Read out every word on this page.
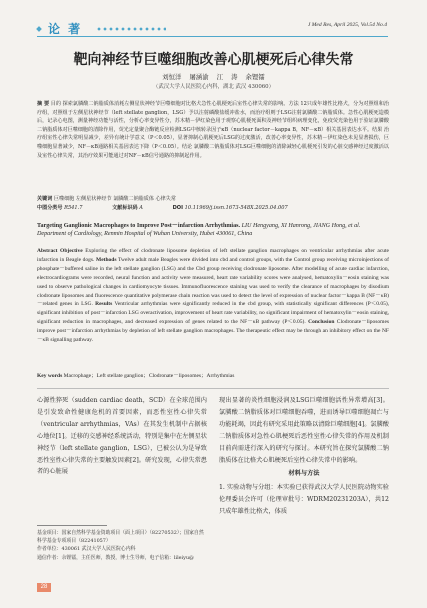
论 著	J Med Res, April 2025, Vol.54 No.4
靶向神经节巨噬细胞改善心肌梗死后心律失常
刘恒洋 屠涵渝 江 涛 余锂镭
（武汉大学人民医院心内科，湖北 武汉 430060）
摘 要 目的 探索氯膦酸二钠脂质体消耗左侧星状神经节巨噬细胞对比格犬急性心肌梗死后室性心律失常的影响。方法 12只成年雄性比格犬，分为对照组和治疗组，对照组于左侧星状神经节（left stellate ganglion，LSG）予以注射磷酸盐缓冲盐水，而治疗组则于LSG注射氯膦酸二钠脂质体。急性心肌梗死造模后，记录心电图，测量神经功能与活性，分析心率变异性分，苏木精－伊红染色用于观察心肌梗死面积及神经节组织病理变化，免疫荧光染色用于验证氯膦酸二钠脂质体对巨噬细胞的清除作用，荧光定量聚合酶链反应检测LSG中核转录因子κB（nuclear factor－kappa B，NF－κB）相关基因表达水平。结果 治疗组室性心律失常明显减少，差异有统计学意义（P＜0.05），显著抑制心肌梗死后LSG的过度激活，改善心率变异性，苏木精－伊红染色未见显著损伤，巨噬细胞显著减少，NF－κB通路相关基因表达下降（P＜0.05）。结论 氯膦酸二钠脂质体对LSG巨噬细胞的清除减轻心肌梗死引发的心脏交感神经过度激活以及室性心律失常，其治疗效果可能通过对NF－κB信号通路的抑制起作用。
关键词 巨噬细胞 左侧星状神经节 氯膦酸二钠脂质体 心律失常
中图分类号 R541.7	文献标识码 A	DOI 10.11969/j.issn.1673-548X.2025.04.007
Targeting Ganglionic Macrophages to Improve Post－infarction Arrhythmias. LIU Hengyang, XI Hanrong, JIANG Hong, et al. Department of Cardiology, Renmin Hospital of Wuhan University, Hubei 430061, China
Abstract Objective Exploring the effect of clodronate liposome depletion of left stellate ganglion macrophages on ventricular arrhythmias after acute infarction in Beagle dogs. Methods Twelve adult male Beagles were divided into cbd and control groups, with the Control group receiving microinjections of phosphate－buffered saline in the left stellate ganglion (LSG) and the Cbd group receiving clodronate liposome. After modelling of acute cardiac infarction, electrocardiograms were recorded, neural function and activity were measured, heart rate variability scores were analysed, hematoxylin－eosin staining was used to observe pathological changes in cardiomyocyte tissues. Immunofluorescence staining was used to verify the clearance of macrophages by disodium clodronate liposomes and fluorescence quantitative polymerase chain reaction was used to detect the level of expression of nuclear factor－kappa B (NF－κB)－related genes in LSG. Results Ventricular arrhythmias were significantly reduced in the cbd group, with statistically significant differences (P＜0.05), significant inhibition of post－infarction LSG overactivation, improvement of heart rate variability, no significant impairment of hematoxylin－eosin staining, significant reduction in macrophages, and decreased expression of genes related to the NF－κB pathway (P＜0.05). Conclusion Clodronate－liposomes improve post－infarction arrhythmias by depletion of left stellate ganglion macrophages. The therapeutic effect may be through an inhibitory effect on the NF－κB signalling pathway.
Key words Macrophage；Left stellate ganglion；Clodronate－liposomes；Arrhythmias
心源性猝死（sudden cardiac death，SCD）在全球范围内是引发致命性健康危机的首要因素，而恶性室性心律失常（ventricular arrhythmias，VAs）在其发生机制中占据核心地位[1]。迁移的交感神经系统活动，特别是集中在左侧星状神经节（left stellate ganglion，LSG），已被公认为是导致恶性室性心律失常的主要触发因素[2]。研究发现，心律失常患者的心脏展
基金项目：国家自然科学基金资助项目（面上项目）（82270532）；国家自然科学基金专项项目（82241057）
作者单位：430061 武汉大学人民医院心内科
通信作者：余锂镭，主任医师，教授，博士生导师，电子信箱：lileiyu@
现出显著的炎性细胞浸润及LSG巨噬细胞活性异常增高[3]。氯膦酸二钠脂质体对巨噬细胞吞噬，进而诱导巨噬细胞凋亡与功能耗竭，因此有研究采用此策略以清除巨噬细胞[4]。氯膦酸二钠脂质体对急性心肌梗死后恶性室性心律失常的作用及机制目前尚需进行深入的研究与探讨。本研究旨在探究氯膦酸二钠脂质体在比格犬心肌梗死后室性心律失常中的影响。
材料与方法
1. 实验动物与分组：本实验已获得武汉大学人民医院动物实验伦理委员会许可（伦理审批号：WDRM20231203A），共12只成年雄性比格犬，体质
28
